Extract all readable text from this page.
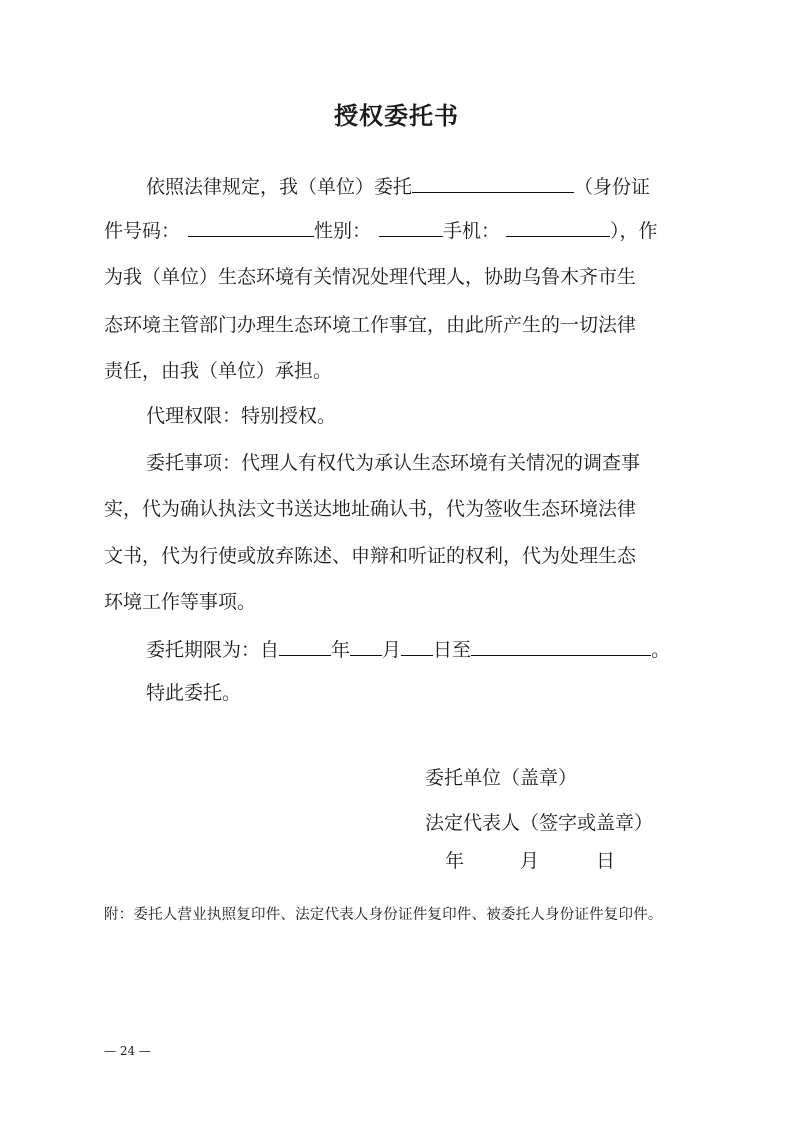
授权委托书
依照法律规定，我（单位）委托	（身份证
件号码：	性别：	手机：	），作
为我（单位）生态环境有关情况处理代理人，协助乌鲁木齐市生
态环境主管部门办理生态环境工作事宜，由此所产生的一切法律
责任，由我（单位）承担。
代理权限：特别授权。
委托事项：代理人有权代为承认生态环境有关情况的调查事
实，代为确认执法文书送达地址确认书，代为签收生态环境法律
文书，代为行使或放弃陈述、申辩和听证的权利，代为处理生态
环境工作等事项。
委托期限为：自	年 月 日至	。
特此委托。
委托单位（盖章）
法定代表人（签字或盖章）
年	月	日
附：委托人营业执照复印件、法定代表人身份证件复印件、被委托人身份证件复印件。
— 24 —
